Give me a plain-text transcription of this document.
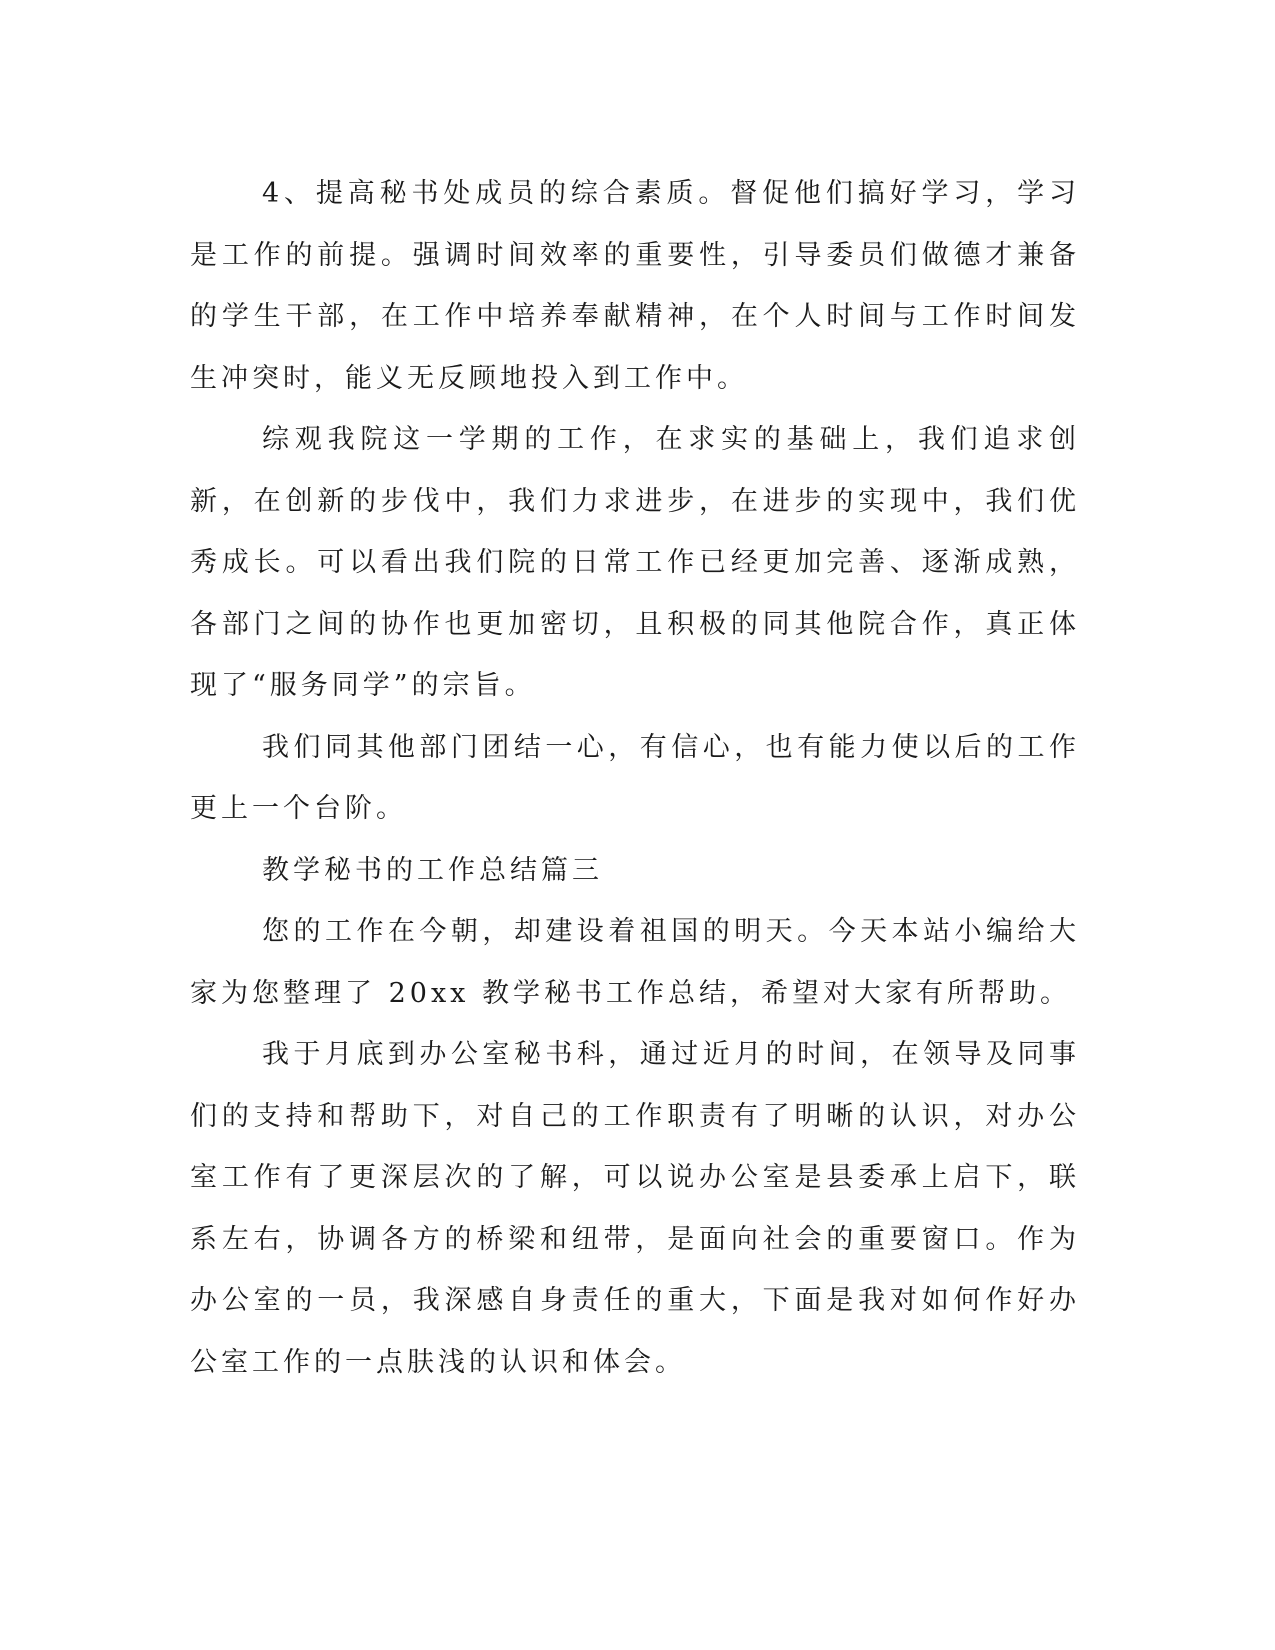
4、提高秘书处成员的综合素质。督促他们搞好学习，学习是工作的前提。强调时间效率的重要性，引导委员们做德才兼备的学生干部，在工作中培养奉献精神，在个人时间与工作时间发生冲突时，能义无反顾地投入到工作中。

综观我院这一学期的工作，在求实的基础上，我们追求创新，在创新的步伐中，我们力求进步，在进步的实现中，我们优秀成长。可以看出我们院的日常工作已经更加完善、逐渐成熟，各部门之间的协作也更加密切，且积极的同其他院合作，真正体现了“服务同学”的宗旨。

我们同其他部门团结一心，有信心，也有能力使以后的工作更上一个台阶。

教学秘书的工作总结篇三

您的工作在今朝，却建设着祖国的明天。今天本站小编给大家为您整理了 20xx 教学秘书工作总结，希望对大家有所帮助。

我于月底到办公室秘书科，通过近月的时间，在领导及同事们的支持和帮助下，对自己的工作职责有了明晰的认识，对办公室工作有了更深层次的了解，可以说办公室是县委承上启下，联系左右，协调各方的桥梁和纽带，是面向社会的重要窗口。作为办公室的一员，我深感自身责任的重大，下面是我对如何作好办公室工作的一点肤浅的认识和体会。
